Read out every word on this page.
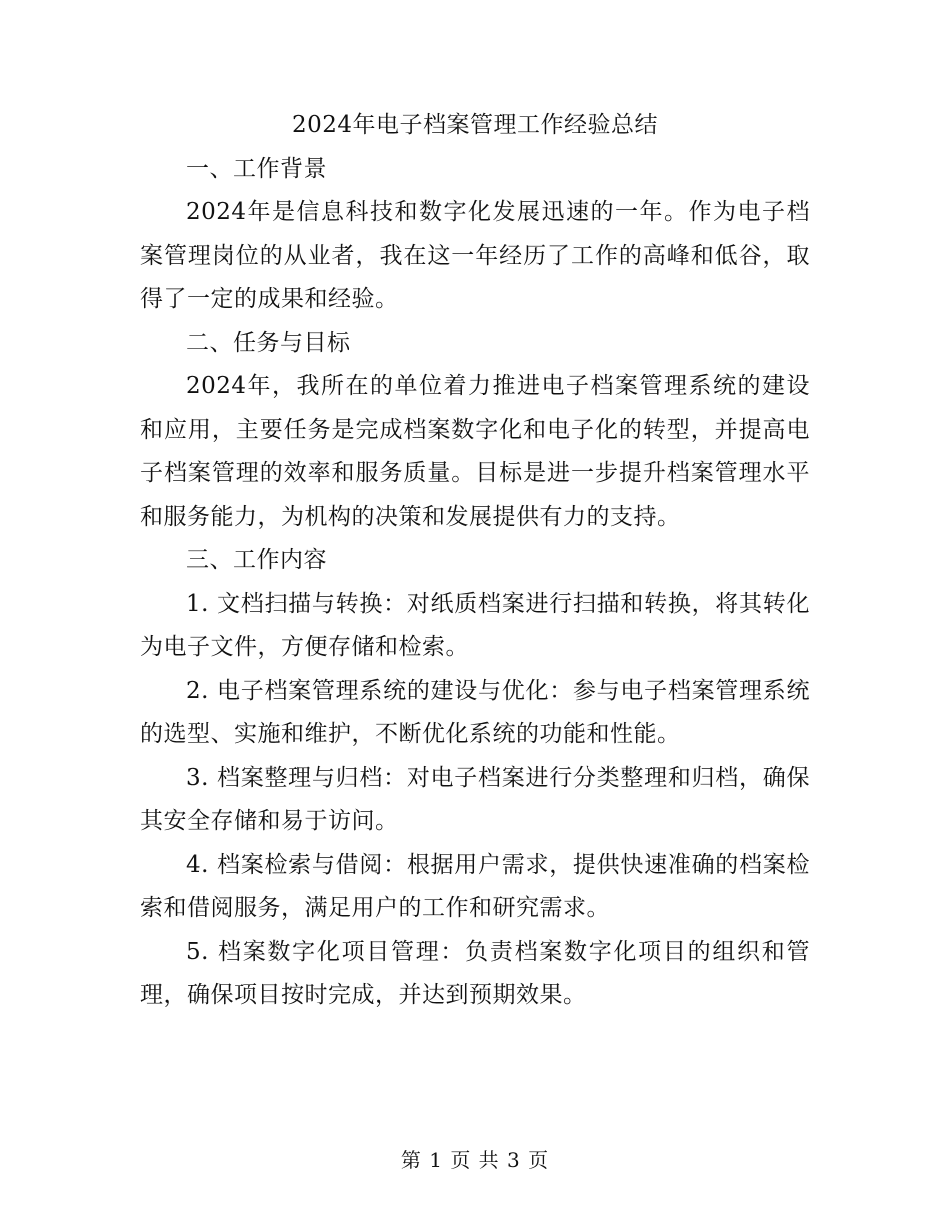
2024年电子档案管理工作经验总结

一、工作背景

2024年是信息科技和数字化发展迅速的一年。作为电子档案管理岗位的从业者，我在这一年经历了工作的高峰和低谷，取得了一定的成果和经验。

二、任务与目标

2024年，我所在的单位着力推进电子档案管理系统的建设和应用，主要任务是完成档案数字化和电子化的转型，并提高电子档案管理的效率和服务质量。目标是进一步提升档案管理水平和服务能力，为机构的决策和发展提供有力的支持。

三、工作内容

1. 文档扫描与转换：对纸质档案进行扫描和转换，将其转化为电子文件，方便存储和检索。

2. 电子档案管理系统的建设与优化：参与电子档案管理系统的选型、实施和维护，不断优化系统的功能和性能。

3. 档案整理与归档：对电子档案进行分类整理和归档，确保其安全存储和易于访问。

4. 档案检索与借阅：根据用户需求，提供快速准确的档案检索和借阅服务，满足用户的工作和研究需求。

5. 档案数字化项目管理：负责档案数字化项目的组织和管理，确保项目按时完成，并达到预期效果。

第 1 页 共 3 页
